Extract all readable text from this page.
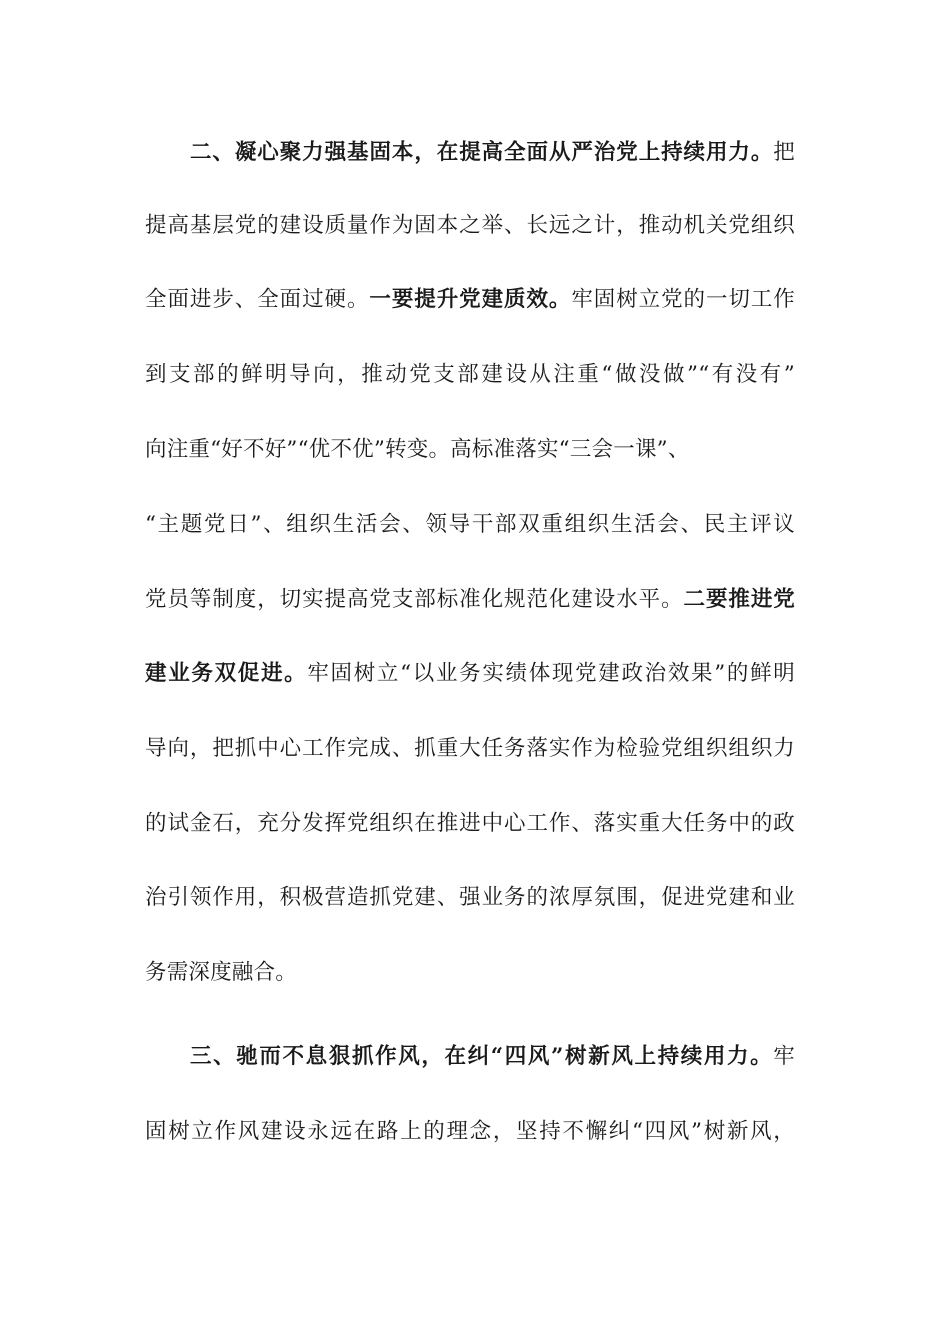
二、凝心聚力强基固本，在提高全面从严治党上持续用力。把
提高基层党的建设质量作为固本之举、长远之计，推动机关党组织
全面进步、全面过硬。一要提升党建质效。牢固树立党的一切工作
到支部的鲜明导向，推动党支部建设从注重“做没做”“有没有”
向注重“好不好”“优不优”转变。高标准落实“三会一课”、
“主题党日”、组织生活会、领导干部双重组织生活会、民主评议
党员等制度，切实提高党支部标准化规范化建设水平。二要推进党
建业务双促进。牢固树立“以业务实绩体现党建政治效果”的鲜明
导向，把抓中心工作完成、抓重大任务落实作为检验党组织组织力
的试金石，充分发挥党组织在推进中心工作、落实重大任务中的政
治引领作用，积极营造抓党建、强业务的浓厚氛围，促进党建和业
务需深度融合。
三、驰而不息狠抓作风，在纠“四风”树新风上持续用力。牢
固树立作风建设永远在路上的理念，坚持不懈纠“四风”树新风，
